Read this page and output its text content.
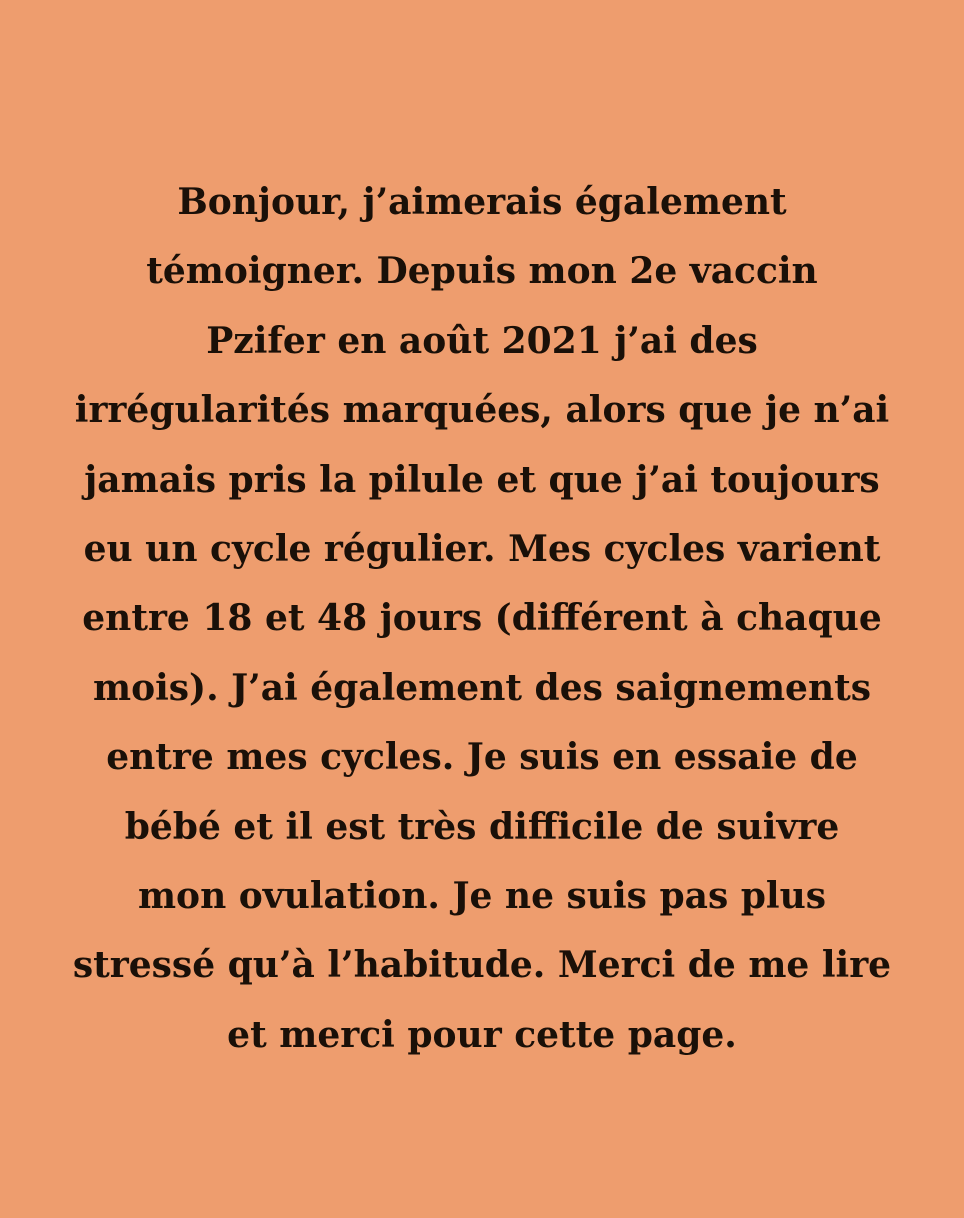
Bonjour, j’aimerais également
témoigner. Depuis mon 2e vaccin
Pzifer en août 2021 j’ai des
irrégularités marquées, alors que je n’ai
jamais pris la pilule et que j’ai toujours
eu un cycle régulier. Mes cycles varient
entre 18 et 48 jours (différent à chaque
mois). J’ai également des saignements
entre mes cycles. Je suis en essaie de
bébé et il est très difficile de suivre
mon ovulation. Je ne suis pas plus
stressé qu’à l’habitude. Merci de me lire
et merci pour cette page.
